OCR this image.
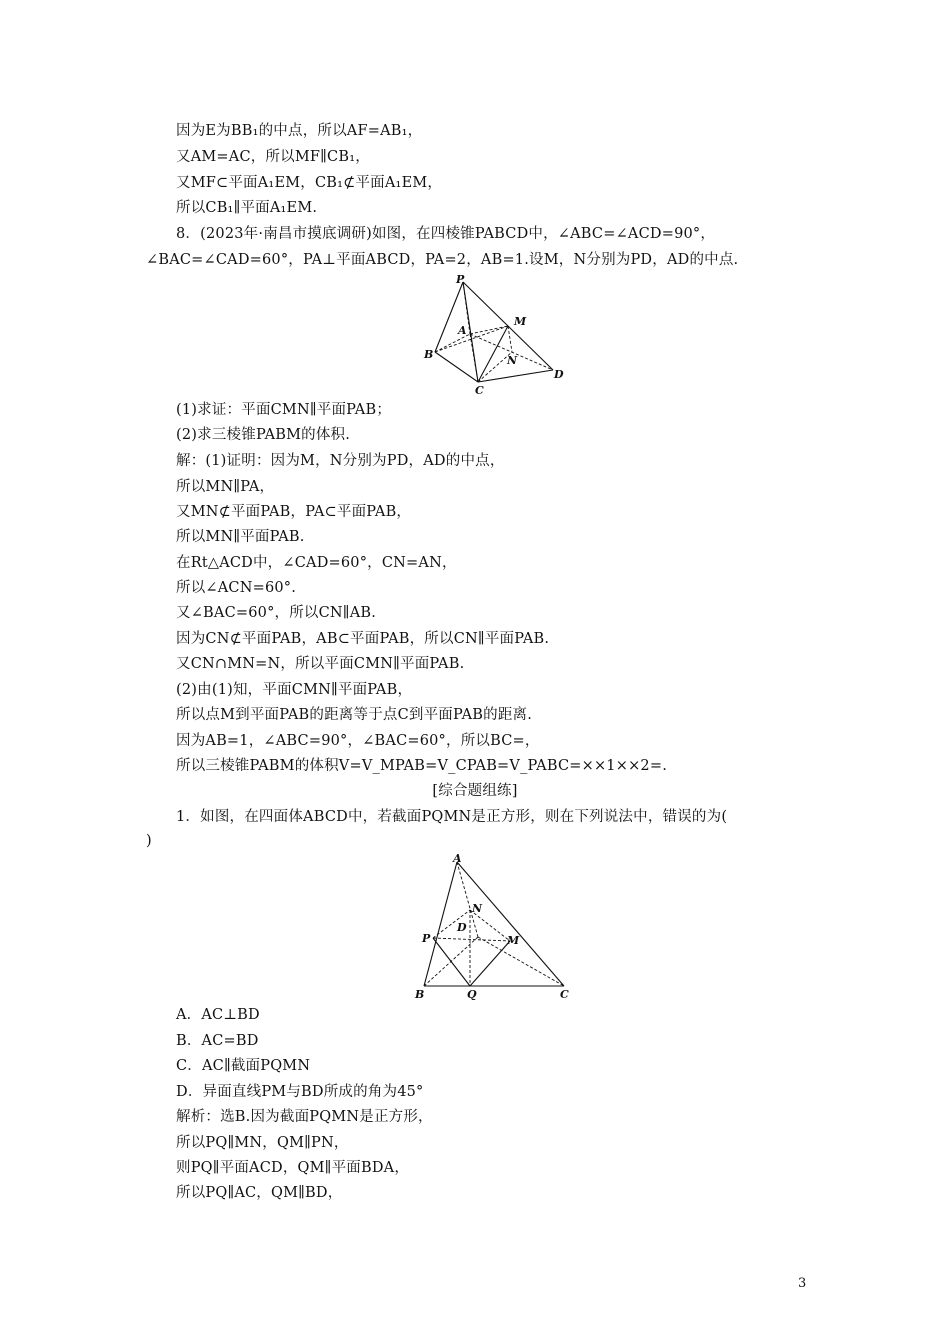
因为E为BB₁的中点，所以AF=AB₁，
又AM=AC，所以MF∥CB₁，
又MF⊂平面A₁EM，CB₁⊄平面A₁EM，
所以CB₁∥平面A₁EM.
8．(2023年·南昌市摸底调研)如图，在四棱锥PABCD中，∠ABC=∠ACD=90°，
∠BAC=∠CAD=60°，PA⊥平面ABCD，PA=2，AB=1.设M，N分别为PD，AD的中点.
P
A
M
B	N
C
D
(1)求证：平面CMN∥平面PAB；
(2)求三棱锥PABM的体积.
解：(1)证明：因为M，N分别为PD，AD的中点，
所以MN∥PA，
又MN⊄平面PAB，PA⊂平面PAB，
所以MN∥平面PAB.
在Rt△ACD中，∠CAD=60°，CN=AN，
所以∠ACN=60°.
又∠BAC=60°，所以CN∥AB.
因为CN⊄平面PAB，AB⊂平面PAB，所以CN∥平面PAB.
又CN∩MN=N，所以平面CMN∥平面PAB.
(2)由(1)知，平面CMN∥平面PAB，
所以点M到平面PAB的距离等于点C到平面PAB的距离.
因为AB=1，∠ABC=90°，∠BAC=60°，所以BC=，
所以三棱锥PABM的体积V=V_MPAB=V_CPAB=V_PABC=××1××2=.
[综合题组练]
1．如图，在四面体ABCD中，若截面PQMN是正方形，则在下列说法中，错误的为(
)
A
N
D
P	M
B	Q	C
A．AC⊥BD
B．AC=BD
C．AC∥截面PQMN
D．异面直线PM与BD所成的角为45°
解析：选B.因为截面PQMN是正方形，
所以PQ∥MN，QM∥PN，
则PQ∥平面ACD，QM∥平面BDA，
所以PQ∥AC，QM∥BD，
3
